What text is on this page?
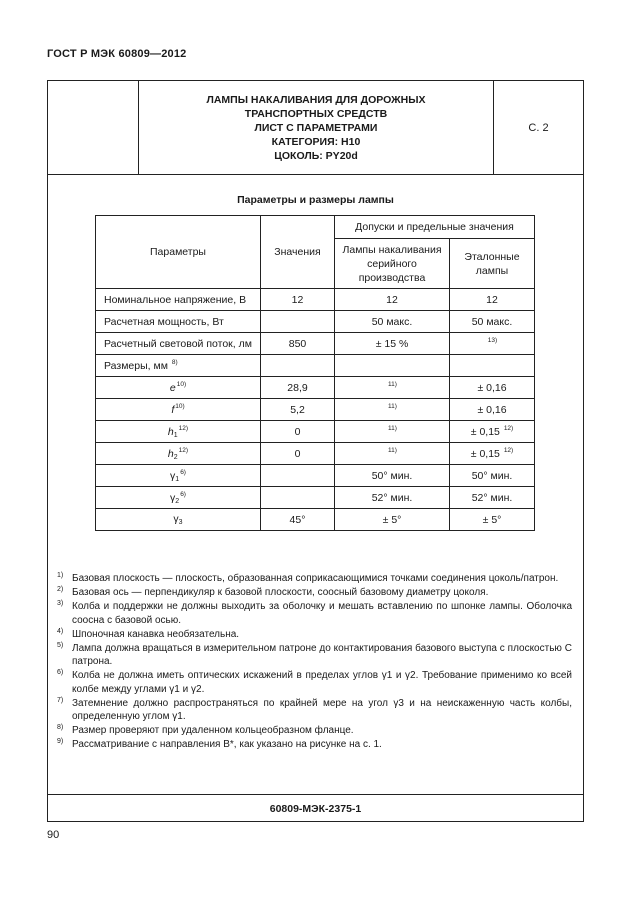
ГОСТ Р МЭК 60809—2012
ЛАМПЫ НАКАЛИВАНИЯ ДЛЯ ДОРОЖНЫХ
ТРАНСПОРТНЫХ СРЕДСТВ
ЛИСТ С ПАРАМЕТРАМИ
КАТЕГОРИЯ: H10
ЦОКОЛЬ: PY20d
С. 2
Параметры и размеры лампы
Параметры	Значения	Допуски и предельные значения	
		Лампы накаливания серийного производства	Эталонные лампы
Номинальное напряжение, В	12	12	12
Расчетная мощность, Вт		50 макс.	50 макс.
Расчетный световой поток, лм	850	± 15 %	$^{13)}$
Размеры, мм $^{8)}$			
e$^{10)}$	28,9	$^{11)}$	± 0,16
f$^{10)}$	5,2	$^{11)}$	± 0,16
$h_1^{12)}$	0	$^{11)}$	± 0,15 $^{12)}$
$h_2^{12)}$	0	$^{11)}$	± 0,15 $^{12)}$
$\gamma_1^{6)}$		50° мин.	50° мин.
$\gamma_2^{6)}$		52° мин.	52° мин.
$\gamma_3$	45°	± 5°	± 5°
1) Базовая плоскость — плоскость, образованная соприкасающимися точками соединения цоколь/патрон.
2) Базовая ось — перпендикуляр к базовой плоскости, соосный базовому диаметру цоколя.
3) Колба и поддержки не должны выходить за оболочку и мешать вставлению по шпонке лампы. Оболочка соосна с базовой осью.
4) Шпоночная канавка необязательна.
5) Лампа должна вращаться в измерительном патроне до контактирования базового выступа с плоскостью C патрона.
6) Колба не должна иметь оптических искажений в пределах углов γ1 и γ2. Требование применимо ко всей колбе между углами γ1 и γ2.
7) Затемнение должно распространяться по крайней мере на угол γ3 и на неискаженную часть колбы, определенную углом γ1.
8) Размер проверяют при удаленном кольцеобразном фланце.
9) Рассматривание с направления B*, как указано на рисунке на с. 1.
60809-МЭК-2375-1
90
